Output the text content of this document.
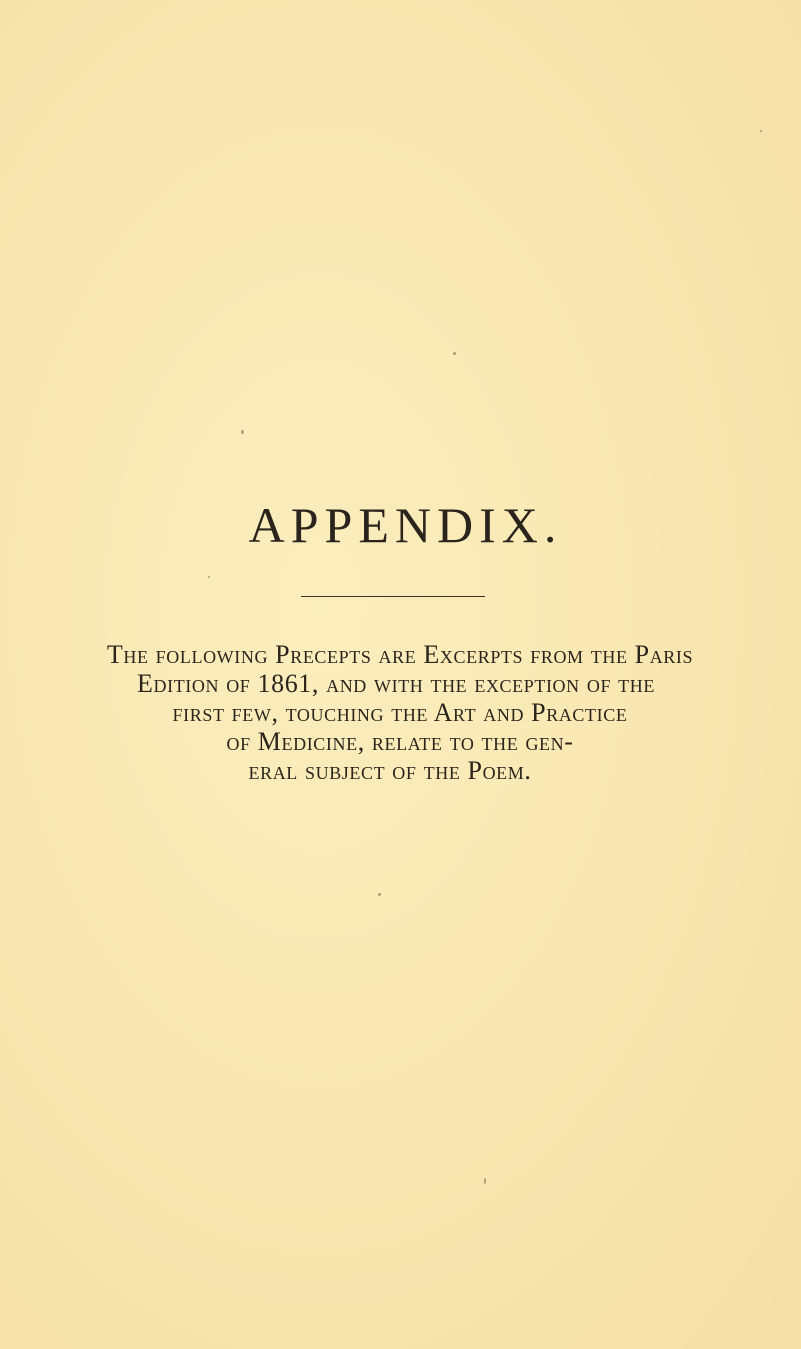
APPENDIX.
The following Precepts are Excerpts from the Paris
Edition of 1861, and with the exception of the
first few, touching the Art and Practice
of Medicine, relate to the gen-
eral subject of the Poem.
